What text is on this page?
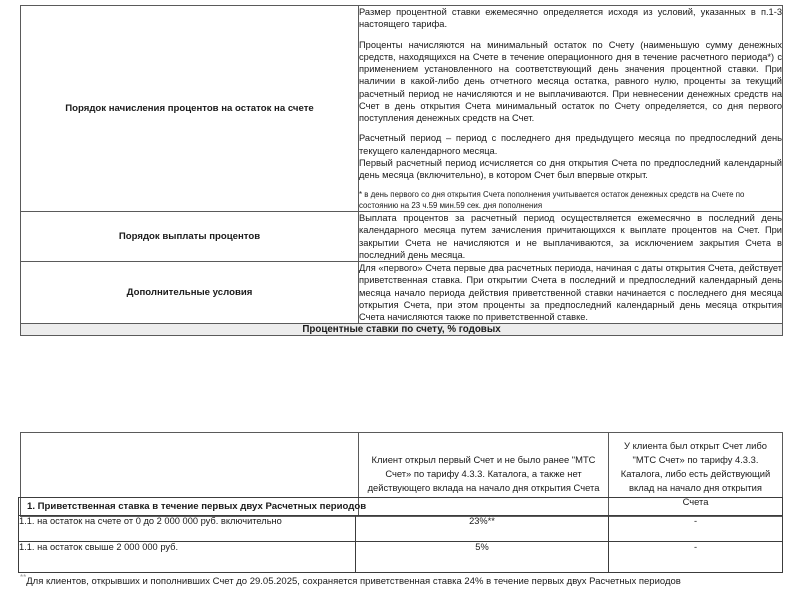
Порядок начисления процентов на остаток на счете	Размер процентной ставки ежемесячно определяется исходя из условий, указанных в п.1-3 настоящего тарифа.

Проценты начисляются на минимальный остаток по Счету (наименьшую сумму денежных средств, находящихся на Счете в течение операционного дня в течение расчетного периода*) с применением установленного на соответствующий день значения процентной ставки. При наличии в какой-либо день отчетного месяца остатка, равного нулю, проценты за текущий расчетный период не начисляются и не выплачиваются. При невнесении денежных средств на Счет в день открытия Счета минимальный остаток по Счету определяется, со дня первого поступления денежных средств на Счет.

Расчетный период – период с последнего дня предыдущего месяца по предпоследний день текущего календарного месяца.

Первый расчетный период исчисляется со дня открытия Счета по предпоследний календарный день месяца (включительно), в котором Счет был впервые открыт.

* в день первого со дня открытия Счета пополнения учитывается остаток денежных средств на Счете по состоянию на 23 ч.59 мин.59 сек. дня пополнения

Порядок выплаты процентов	Выплата процентов за расчетный период осуществляется ежемесячно в последний день календарного месяца путем зачисления причитающихся к выплате процентов на Счет. При закрытии Счета не начисляются и не выплачиваются, за исключением закрытия Счета в последний день месяца.

Дополнительные условия	Для «первого» Счета первые два расчетных периода, начиная с даты открытия Счета, действует приветственная ставка. При открытии Счета в последний и предпоследний календарный день месяца начало периода действия приветственной ставки начинается с последнего дня месяца открытия Счета, при этом проценты за предпоследний календарный день месяца открытия Счета начисляются также по приветственной ставке.

Процентные ставки по счету, % годовых	
	Клиент открыл первый Счет и не было ранее "МТС Счет» по тарифу 4.3.3. Каталога, а также нет действующего вклада на начало дня открытия Счета	У клиента был открыт Счет либо "МТС Счет» по тарифу 4.3.3. Каталога, либо есть действующий вклад на начало дня открытия Счета
1. Приветственная ставка в течение первых двух Расчетных периодов		
1.1. на остаток на счете от 0 до 2 000 000 руб. включительно	23%**	-
1.1. на остаток свыше 2 000 000 руб.	5%	-
**Для клиентов, открывших и пополнивших Счет до 29.05.2025, сохраняется приветственная ставка 24% в течение первых двух Расчетных периодов
